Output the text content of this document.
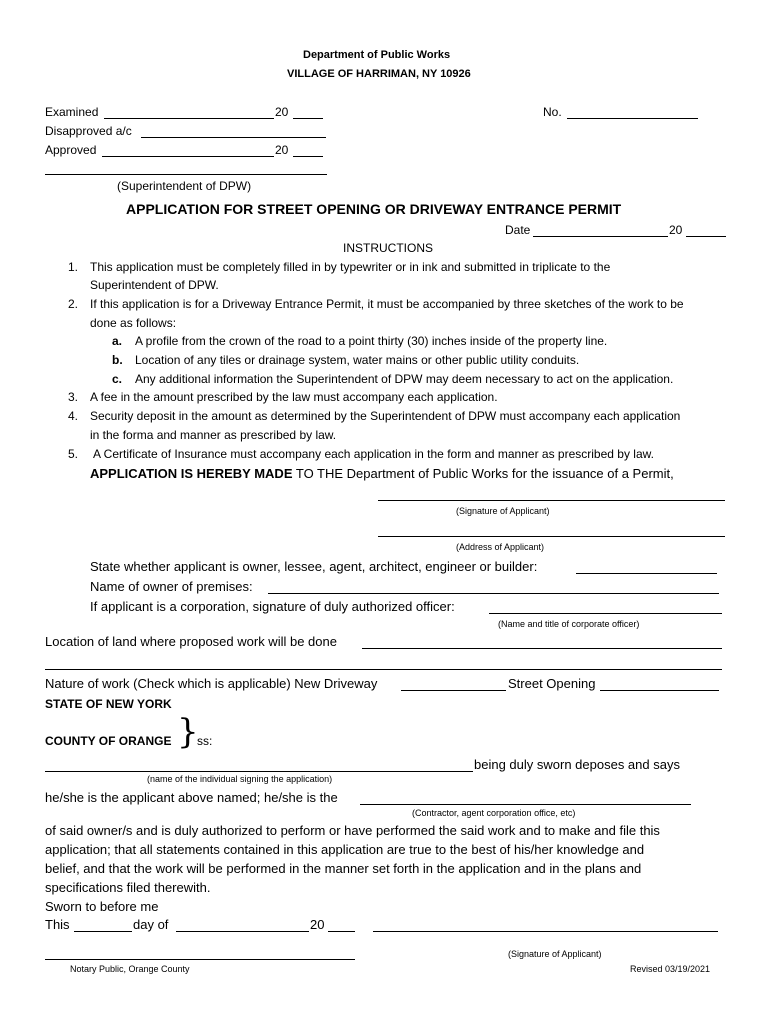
Department of Public Works
VILLAGE OF HARRIMAN, NY 10926
Examined	20	No.
Disapproved a/c
Approved	20
(Superintendent of DPW)
APPLICATION FOR STREET OPENING OR DRIVEWAY ENTRANCE PERMIT
Date	20
INSTRUCTIONS
1. This application must be completely filled in by typewriter or in ink and submitted in triplicate to the
Superintendent of DPW.
2. If this application is for a Driveway Entrance Permit, it must be accompanied by three sketches of the work to be
done as follows:
a. A profile from the crown of the road to a point thirty (30) inches inside of the property line.
b. Location of any tiles or drainage system, water mains or other public utility conduits.
c. Any additional information the Superintendent of DPW may deem necessary to act on the application.
3. A fee in the amount prescribed by the law must accompany each application.
4. Security deposit in the amount as determined by the Superintendent of DPW must accompany each application
in the forma and manner as prescribed by law.
5. A Certificate of Insurance must accompany each application in the form and manner as prescribed by law.
APPLICATION IS HEREBY MADE TO THE Department of Public Works for the issuance of a Permit,
(Signature of Applicant)
(Address of Applicant)
State whether applicant is owner, lessee, agent, architect, engineer or builder:
Name of owner of premises:
If applicant is a corporation, signature of duly authorized officer:
(Name and title of corporate officer)
Location of land where proposed work will be done
Nature of work (Check which is applicable) New Driveway	Street Opening
STATE OF NEW YORK
COUNTY OF ORANGE }
ss:
being duly sworn deposes and says
(name of the individual signing the application)
he/she is the applicant above named; he/she is the
(Contractor, agent corporation office, etc)
of said owner/s and is duly authorized to perform or have performed the said work and to make and file this
application; that all statements contained in this application are true to the best of his/her knowledge and
belief, and that the work will be performed in the manner set forth in the application and in the plans and
specifications filed therewith.
Sworn to before me
This	day of	20
(Signature of Applicant)
Notary Public, Orange County	Revised 03/19/2021
